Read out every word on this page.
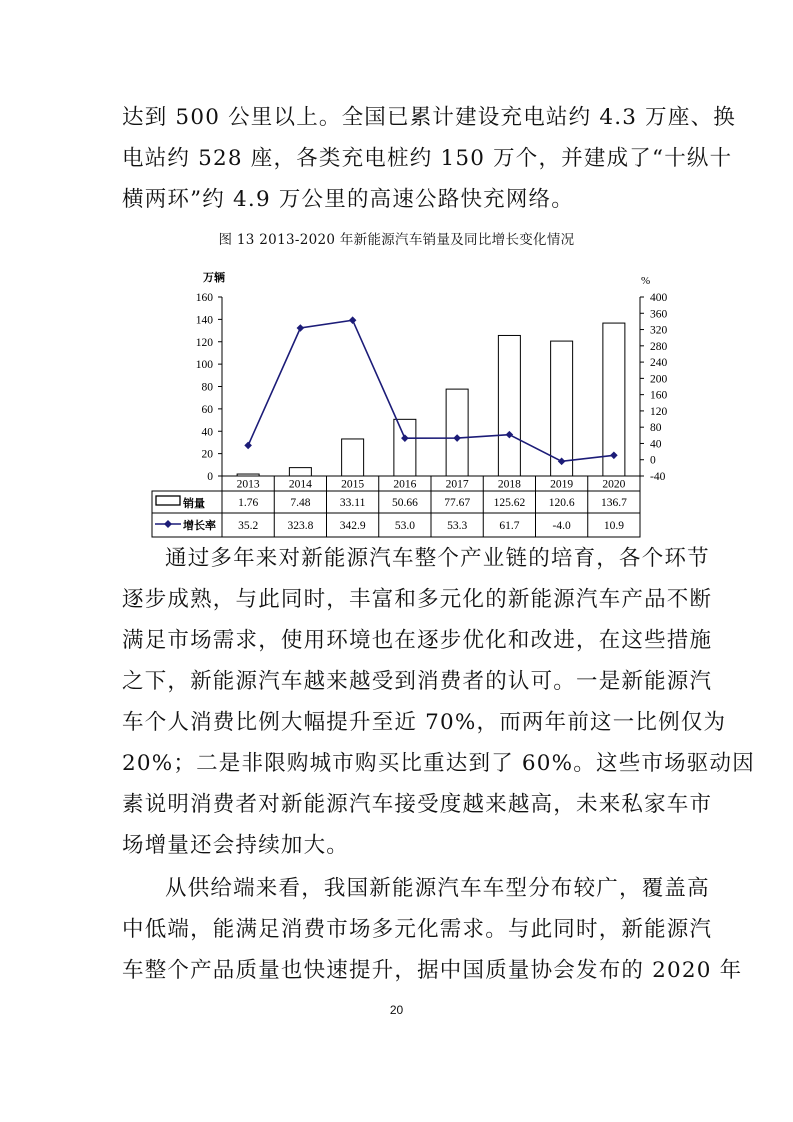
达到 500 公里以上。全国已累计建设充电站约 4.3 万座、换
电站约 528 座，各类充电桩约 150 万个，并建成了“十纵十
横两环”约 4.9 万公里的高速公路快充网络。

图 13 2013-2020 年新能源汽车销量及同比增长变化情况
0
20
40
60
80
100
120
140
160
-40
0
40
80
120
160
200
240
280
320
360
400
万辆	%
2013	2014	2015	2016	2017	2018	2019	2020
销量
增长率
1.76	7.48	33.11 50.66 77.67 125.62 120.6 136.7
35.2	323.8 342.9	53.0	53.3	61.7	-4.0	10.9

通过多年来对新能源汽车整个产业链的培育，各个环节
逐步成熟，与此同时，丰富和多元化的新能源汽车产品不断
满足市场需求，使用环境也在逐步优化和改进，在这些措施
之下，新能源汽车越来越受到消费者的认可。一是新能源汽
车个人消费比例大幅提升至近 70%，而两年前这一比例仅为
20%；二是非限购城市购买比重达到了 60%。这些市场驱动因
素说明消费者对新能源汽车接受度越来越高，未来私家车市
场增量还会持续加大。

从供给端来看，我国新能源汽车车型分布较广，覆盖高
中低端，能满足消费市场多元化需求。与此同时，新能源汽
车整个产品质量也快速提升，据中国质量协会发布的 2020 年

20
